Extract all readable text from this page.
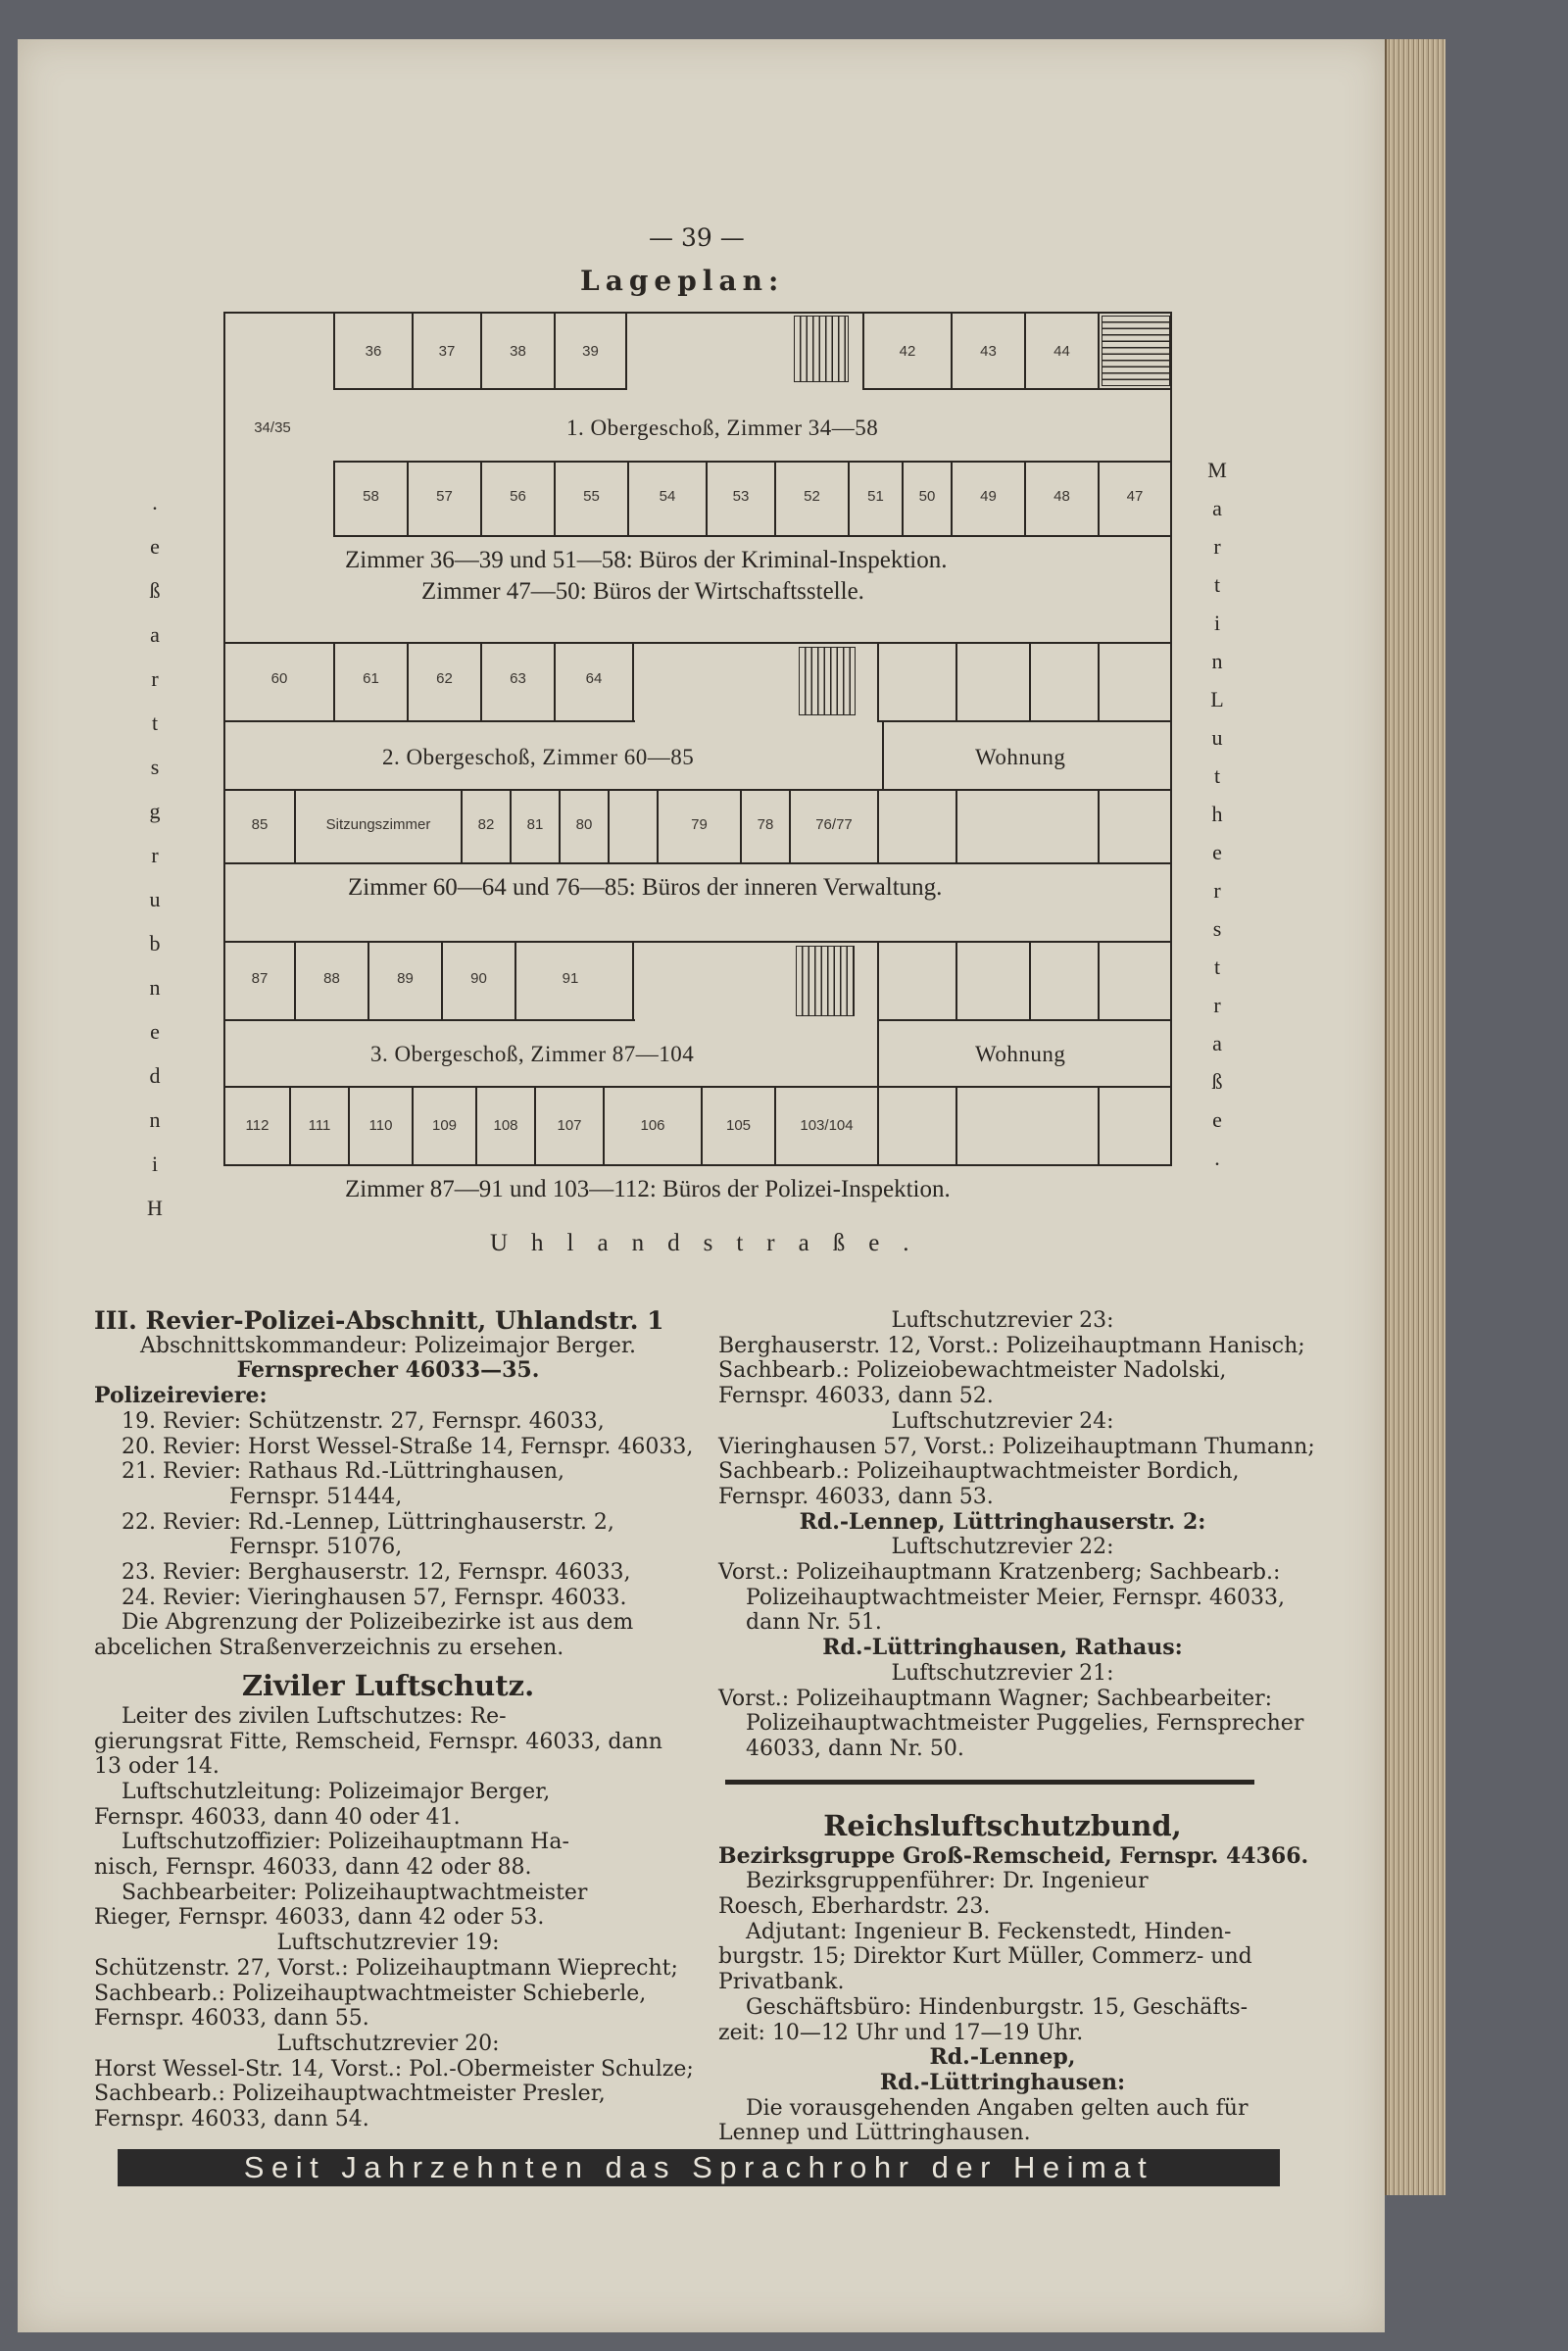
— 39 —
Lageplan:
36	37	38	39	42	43	44
34/35	1. Obergeschoß, Zimmer 34—58
58	57	56	55	54	53	52	51	50	49	48	47
Zimmer 36—39 und 51—58: Büros der Kriminal-Inspektion.
Zimmer 47—50: Büros der Wirtschaftsstelle.
60	61	62	63	64
2. Obergeschoß, Zimmer 60—85	Wohnung
85	Sitzungszimmer	82	81	80	79	78	76/77
Zimmer 60—64 und 76—85: Büros der inneren Verwaltung.
87	88	89	90	91
3. Obergeschoß, Zimmer 87—104	Wohnung
112	111	110	109	108	107	106	105	103/104
Zimmer 87—91 und 103—112: Büros der Polizei-Inspektion.
.
e
ß
a
r
t
s
g
r
u
b
n
e
d
n
i
H
M
a
r
t
i
n
L
u
t
h
e
r
s
t
r
a
ß
e
.
Uhlandstraße.
III. Revier-Polizei-Abschnitt, Uhlandstr. 1
Abschnittskommandeur: Polizeimajor Berger.
Fernsprecher 46033—35.
Polizeireviere:
19. Revier: Schützenstr. 27, Fernspr. 46033,
20. Revier: Horst Wessel-Straße 14, Fernspr. 46033,
21. Revier: Rathaus Rd.-Lüttringhausen,
Fernspr. 51444,
22. Revier: Rd.-Lennep, Lüttringhauserstr. 2,
Fernspr. 51076,
23. Revier: Berghauserstr. 12, Fernspr. 46033,
24. Revier: Vieringhausen 57, Fernspr. 46033.
Die Abgrenzung der Polizeibezirke ist aus dem
abcelichen Straßenverzeichnis zu ersehen.
Ziviler Luftschutz.
Leiter des zivilen Luftschutzes: Re-
gierungsrat Fitte, Remscheid, Fernspr. 46033, dann
13 oder 14.
Luftschutzleitung: Polizeimajor Berger,
Fernspr. 46033, dann 40 oder 41.
Luftschutzoffizier: Polizeihauptmann Ha-
nisch, Fernspr. 46033, dann 42 oder 88.
Sachbearbeiter: Polizeihauptwachtmeister
Rieger, Fernspr. 46033, dann 42 oder 53.
Luftschutzrevier 19:
Schützenstr. 27, Vorst.: Polizeihauptmann Wieprecht;
Sachbearb.: Polizeihauptwachtmeister Schieberle,
Fernspr. 46033, dann 55.
Luftschutzrevier 20:
Horst Wessel-Str. 14, Vorst.: Pol.-Obermeister Schulze;
Sachbearb.: Polizeihauptwachtmeister Presler,
Fernspr. 46033, dann 54.
Luftschutzrevier 23:
Berghauserstr. 12, Vorst.: Polizeihauptmann Hanisch;
Sachbearb.: Polizeiobewachtmeister Nadolski,
Fernspr. 46033, dann 52.
Luftschutzrevier 24:
Vieringhausen 57, Vorst.: Polizeihauptmann Thumann;
Sachbearb.: Polizeihauptwachtmeister Bordich,
Fernspr. 46033, dann 53.
Rd.-Lennep, Lüttringhauserstr. 2:
Luftschutzrevier 22:
Vorst.: Polizeihauptmann Kratzenberg; Sachbearb.:
Polizeihauptwachtmeister Meier, Fernspr. 46033,
dann Nr. 51.
Rd.-Lüttringhausen, Rathaus:
Luftschutzrevier 21:
Vorst.: Polizeihauptmann Wagner; Sachbearbeiter:
Polizeihauptwachtmeister Puggelies, Fernsprecher
46033, dann Nr. 50.
Reichsluftschutzbund,
Bezirksgruppe Groß-Remscheid, Fernspr. 44366.
Bezirksgruppenführer: Dr. Ingenieur
Roesch, Eberhardstr. 23.
Adjutant: Ingenieur B. Feckenstedt, Hinden-
burgstr. 15; Direktor Kurt Müller, Commerz- und
Privatbank.
Geschäftsbüro: Hindenburgstr. 15, Geschäfts-
zeit: 10—12 Uhr und 17—19 Uhr.
Rd.-Lennep,
Rd.-Lüttringhausen:
Die vorausgehenden Angaben gelten auch für
Lennep und Lüttringhausen.
Seit Jahrzehnten das Sprachrohr der Heimat
